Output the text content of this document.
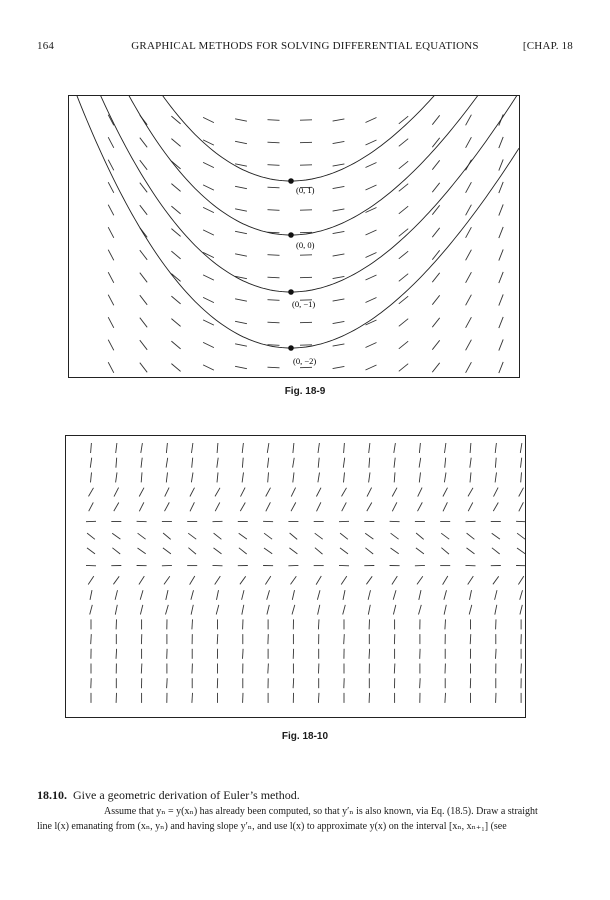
164	GRAPHICAL METHODS FOR SOLVING DIFFERENTIAL EQUATIONS	[CHAP. 18
(0, 1)
(0, 0)
(0, −1)
(0, −2)
Fig. 18-9
Fig. 18-10
18.10. Give a geometric derivation of Euler’s method.
Assume that yₙ = y(xₙ) has already been computed, so that y′ₙ is also known, via Eq. (18.5). Draw a straight
line l(x) emanating from (xₙ, yₙ) and having slope y′ₙ, and use l(x) to approximate y(x) on the interval [xₙ, xₙ₊₁] (see
